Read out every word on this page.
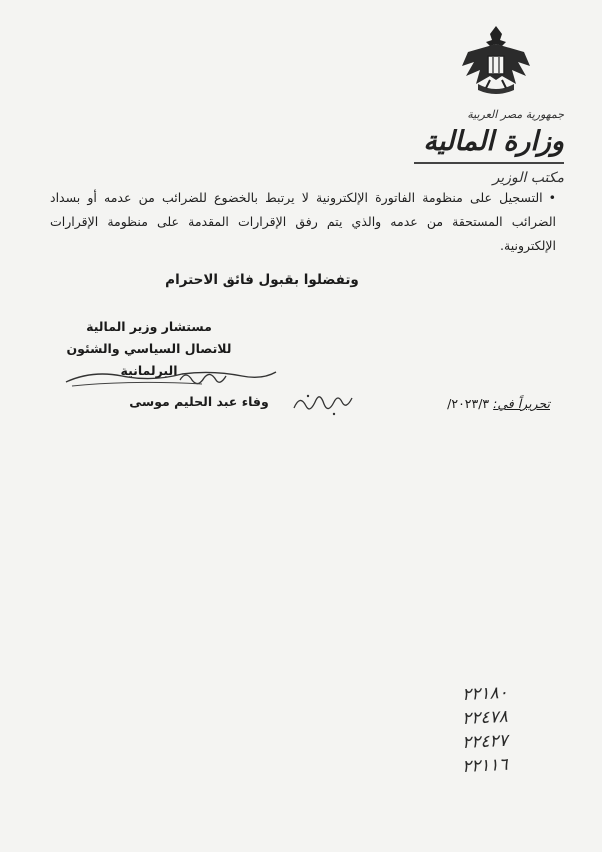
جمهورية مصر العربية
وزارة المالية
مكتب الوزير
•التسجيل على منظومة الفاتورة الإلكترونية لا يرتبط بالخضوع للضرائب من عدمه أو بسداد الضرائب المستحقة من عدمه والذي يتم رفق الإقرارات المقدمة على منظومة الإقرارات الإلكترونية.
وتفضلوا بقبول فائق الاحترام
مستشار وزير المالية
للاتصال السياسي والشئون البرلمانية
وفاء عبد الحليم موسى	تحريراً في: ٢٠٢٣/٣/
٢٢١٨٠
٢٢٤٧٨
٢٢٤٢٧
٢٢١١٦
